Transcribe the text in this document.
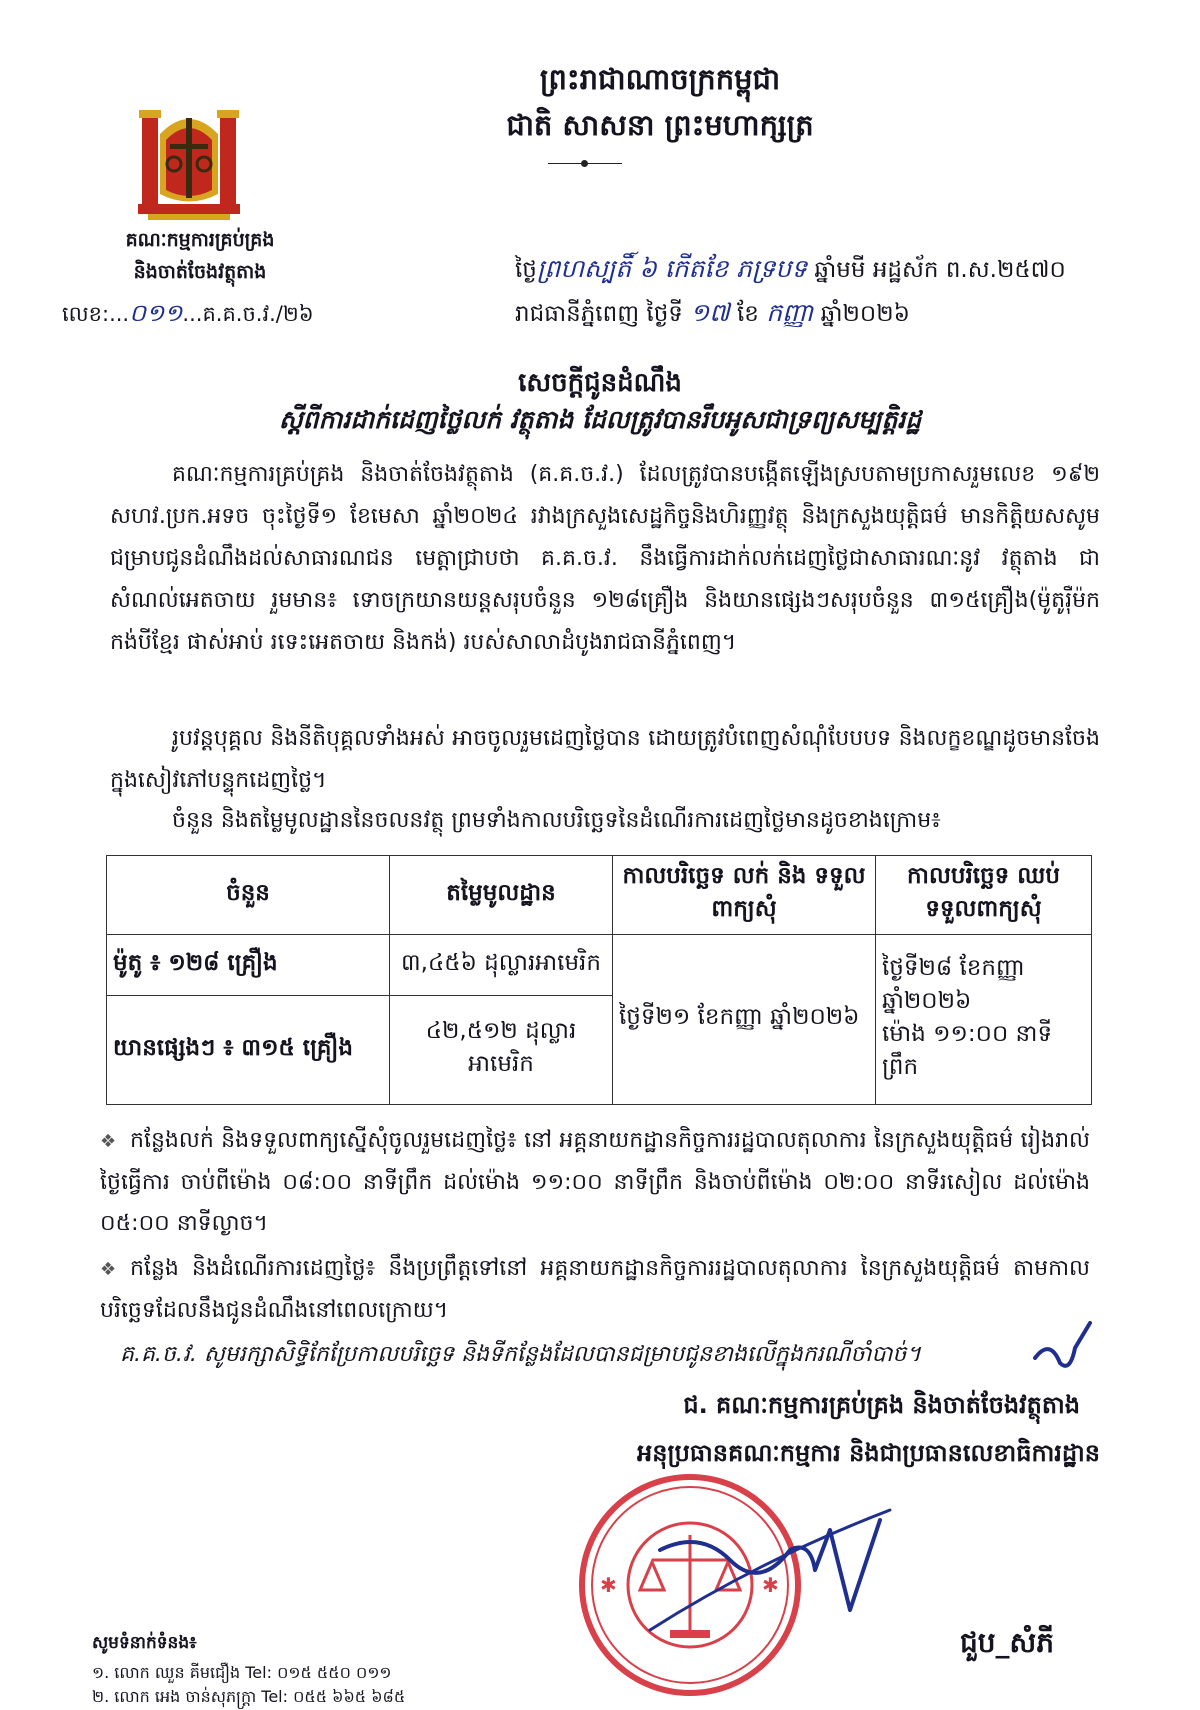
ព្រះរាជាណាចក្រកម្ពុជា
ជាតិ សាសនា ព្រះមហាក្សត្រ
គណៈកម្មការគ្រប់គ្រង
និងចាត់ចែងវត្ថុតាង
លេខ:...០១១...គ.គ.ច.វ./២៦
ថ្ងៃព្រហស្បតិ៍ ៦ កើតខែ ភទ្របទ ឆ្នាំមមី អដ្ឋស័ក ព.ស.២៥៧០
រាជធានីភ្នំពេញ ថ្ងៃទី ១៧ ខែ កញ្ញា ឆ្នាំ២០២៦
សេចក្តីជូនដំណឹង
ស្តីពីការដាក់ដេញថ្លៃលក់ វត្ថុតាង ដែលត្រូវបានរឹបអូសជាទ្រព្យសម្បត្តិរដ្ឋ
គណៈកម្មការគ្រប់គ្រង និងចាត់ចែងវត្ថុតាង (គ.គ.ច.វ.) ដែលត្រូវបានបង្កើតឡើងស្របតាមប្រកាសរួមលេខ ១៩២ សហវ.ប្រក.អទច ចុះថ្ងៃទី១ ខែមេសា ឆ្នាំ២០២៤ រវាងក្រសួងសេដ្ឋកិច្ចនិងហិរញ្ញវត្ថុ និងក្រសួងយុត្តិធម៌ មានកិត្តិយសសូមជម្រាបជូនដំណឹងដល់សាធារណជន មេត្តាជ្រាបថា គ.គ.ច.វ. នឹងធ្វើការដាក់លក់ដេញថ្លៃជាសាធារណៈនូវ វត្ថុតាង ជាសំណល់អេតចាយ រួមមាន៖ ទោចក្រយានយន្តសរុបចំនួន ១២៨គ្រឿង និងយានផ្សេងៗសរុបចំនួន ៣១៥គ្រឿង(ម៉ូតូរ៉ឺម៉ក កង់បីខ្មែរ ផាស់អាប់ រទេះអេតចាយ និងកង់) របស់សាលាដំបូងរាជធានីភ្នំពេញ។
រូបវន្តបុគ្គល និងនីតិបុគ្គលទាំងអស់ អាចចូលរួមដេញថ្លៃបាន ដោយត្រូវបំពេញសំណុំបែបបទ និងលក្ខខណ្ឌដូចមានចែងក្នុងសៀវភៅបន្ទុកដេញថ្លៃ។
ចំនួន និងតម្លៃមូលដ្ឋាននៃចលនវត្ថុ ព្រមទាំងកាលបរិច្ឆេទនៃដំណើរការដេញថ្លៃមានដូចខាងក្រោម៖
ចំនួន	តម្លៃមូលដ្ឋាន	កាលបរិច្ឆេទ លក់ និង ទទួលពាក្យសុំ	កាលបរិច្ឆេទ ឈប់ទទួលពាក្យសុំ
ម៉ូតូ ៖ ១២៨ គ្រឿង	៣,៤៥៦ ដុល្លារអាមេរិក	ថ្ងៃទី២១ ខែកញ្ញា ឆ្នាំ២០២៦	ថ្ងៃទី២៨ ខែកញ្ញា ឆ្នាំ២០២៦
ម៉ោង ១១:០០ នាទីព្រឹក

យានផ្សេងៗ ៖ ៣១៥ គ្រឿង	៤២,៥១២ ដុល្លារអាមេរិក		
❖ កន្លែងលក់ និងទទួលពាក្យស្នើសុំចូលរួមដេញថ្លៃ៖ នៅ អគ្គនាយកដ្ឋានកិច្ចការរដ្ឋបាលតុលាការ នៃក្រសួងយុត្តិធម៌ រៀងរាល់ថ្ងៃធ្វើការ ចាប់ពីម៉ោង ០៨:០០ នាទីព្រឹក ដល់ម៉ោង ១១:០០ នាទីព្រឹក និងចាប់ពីម៉ោង ០២:០០ នាទីរសៀល ដល់ម៉ោង ០៥:០០ នាទីល្ងាច។
❖ កន្លែង និងដំណើរការដេញថ្លៃ៖ នឹងប្រព្រឹត្តទៅនៅ អគ្គនាយកដ្ឋានកិច្ចការរដ្ឋបាលតុលាការ នៃក្រសួងយុត្តិធម៌ តាមកាលបរិច្ឆេទដែលនឹងជូនដំណឹងនៅពេលក្រោយ។
គ.គ.ច.វ. សូមរក្សាសិទ្ធិកែប្រែកាលបរិច្ឆេទ និងទីកន្លែងដែលបានជម្រាបជូនខាងលើក្នុងករណីចាំបាច់។
ជ. គណៈកម្មការគ្រប់គ្រង និងចាត់ចែងវត្ថុតាង
អនុប្រធានគណៈកម្មការ និងជាប្រធានលេខាធិការដ្ឋាន
✱	✱
ជួប_សំភី
សូមទំនាក់ទំនង៖
១. លោក ឈួន គីមជឿង Tel: ០១៥ ៥៥០ ០១១
២. លោក អេង ចាន់សុភក្រ្តា Tel: ០៥៥ ៦៦៥ ៦៨៥
